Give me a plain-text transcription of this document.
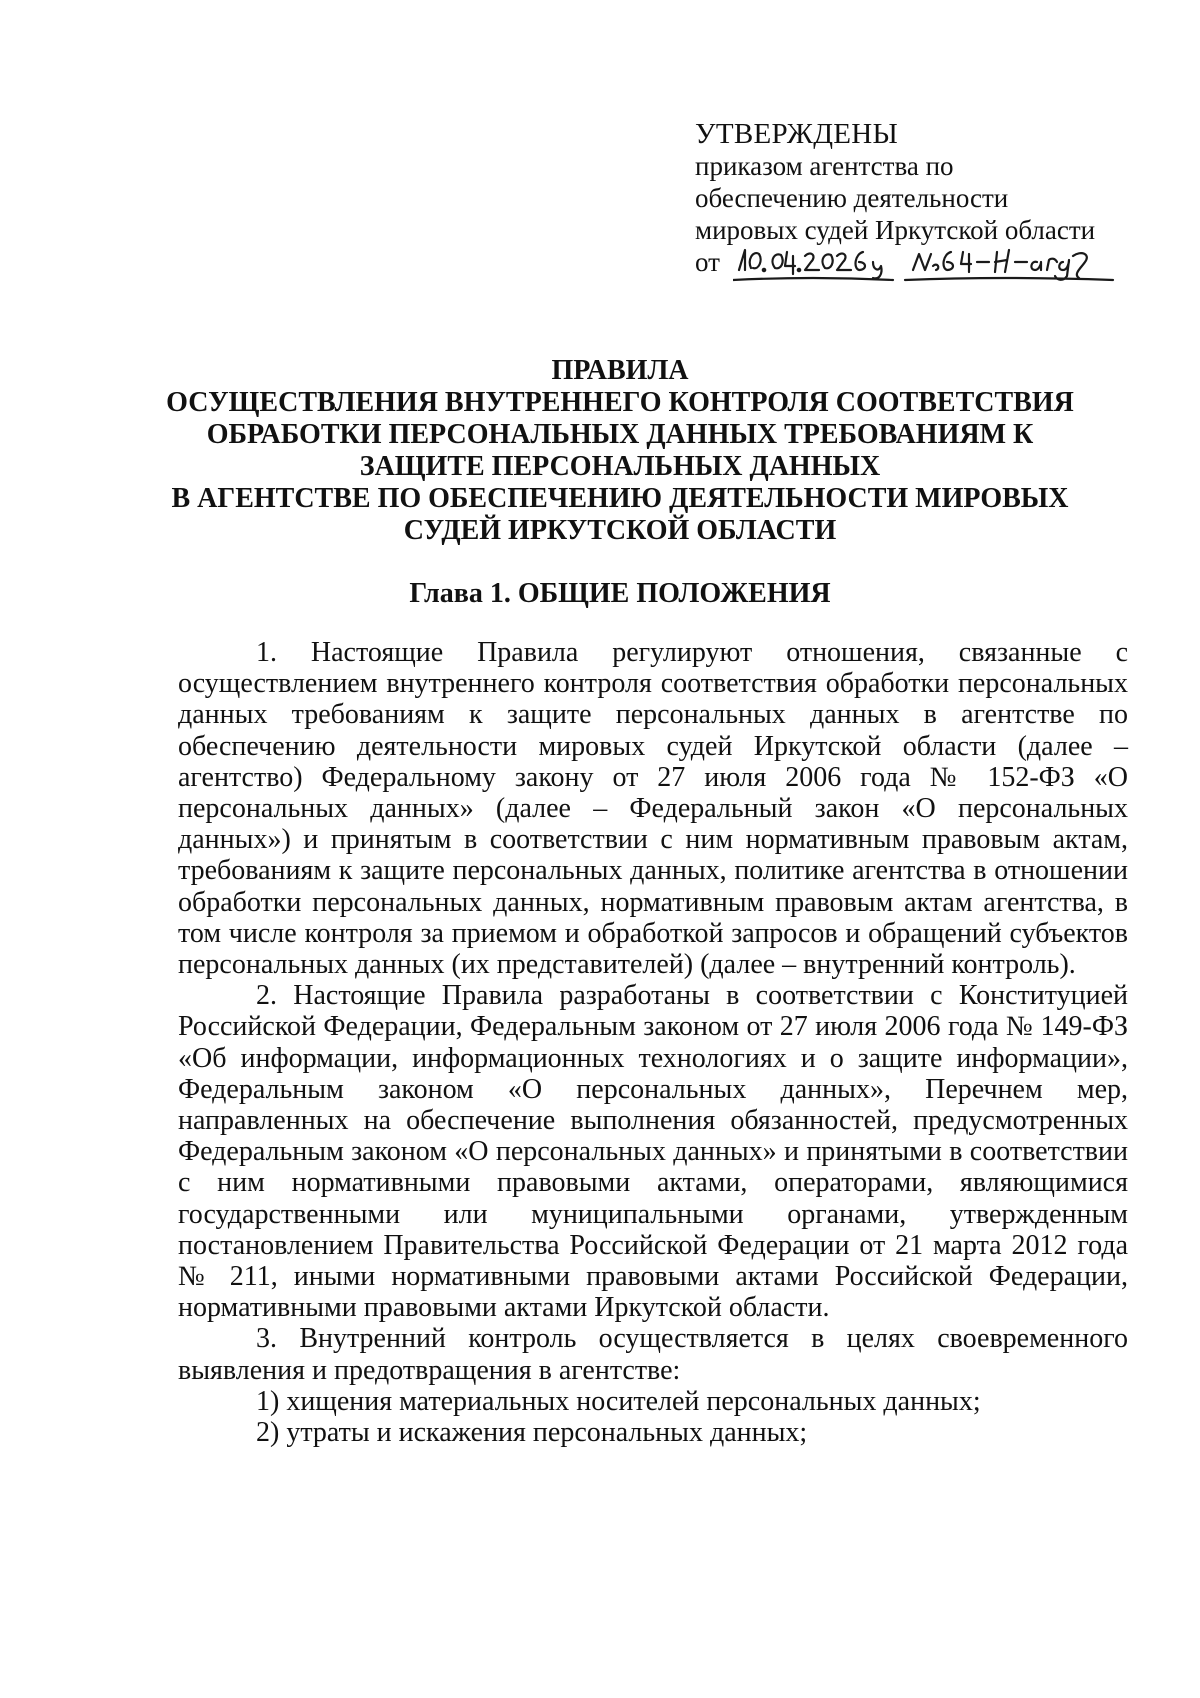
УТВЕРЖДЕНЫ
приказом агентства по
обеспечению деятельности
мировых судей Иркутской области
от
ПРАВИЛА
ОСУЩЕСТВЛЕНИЯ ВНУТРЕННЕГО КОНТРОЛЯ СООТВЕТСТВИЯ
ОБРАБОТКИ ПЕРСОНАЛЬНЫХ ДАННЫХ ТРЕБОВАНИЯМ К
ЗАЩИТЕ ПЕРСОНАЛЬНЫХ ДАННЫХ
В АГЕНТСТВЕ ПО ОБЕСПЕЧЕНИЮ ДЕЯТЕЛЬНОСТИ МИРОВЫХ
СУДЕЙ ИРКУТСКОЙ ОБЛАСТИ
Глава 1. ОБЩИЕ ПОЛОЖЕНИЯ

1. Настоящие Правила регулируют отношения, связанные с осуществлением внутреннего контроля соответствия обработки персональных данных требованиям к защите персональных данных в агентстве по обеспечению деятельности мировых судей Иркутской области (далее – агентство) Федеральному закону от 27 июля 2006 года № 152-ФЗ «О персональных данных» (далее – Федеральный закон «О персональных данных») и принятым в соответствии с ним нормативным правовым актам, требованиям к защите персональных данных, политике агентства в отношении обработки персональных данных, нормативным правовым актам агентства, в том числе контроля за приемом и обработкой запросов и обращений субъектов персональных данных (их представителей) (далее – внутренний контроль).

2. Настоящие Правила разработаны в соответствии с Конституцией Российской Федерации, Федеральным законом от 27 июля 2006 года № 149-ФЗ «Об информации, информационных технологиях и о защите информации», Федеральным законом «О персональных данных», Перечнем мер, направленных на обеспечение выполнения обязанностей, предусмотренных Федеральным законом «О персональных данных» и принятыми в соответствии с ним нормативными правовыми актами, операторами, являющимися государственными или муниципальными органами, утвержденным постановлением Правительства Российской Федерации от 21 марта 2012 года № 211, иными нормативными правовыми актами Российской Федерации, нормативными правовыми актами Иркутской области.

3. Внутренний контроль осуществляется в целях своевременного выявления и предотвращения в агентстве:

1) хищения материальных носителей персональных данных;

2) утраты и искажения персональных данных;
